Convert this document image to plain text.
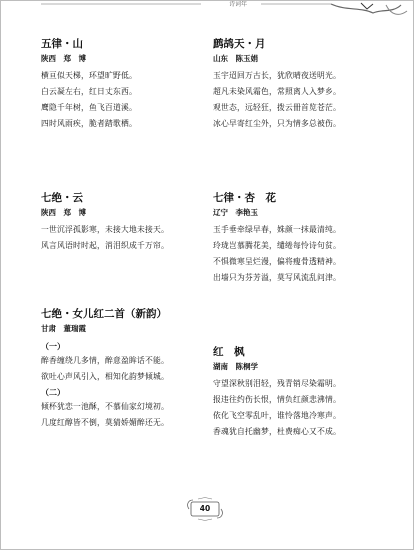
诗词年
五律・山
陕西　郑　博
横亘似天梯，环望旷野低。
白云凝左右，红日丈东西。
鹰隐千年树，鱼飞百道溪。
四时风雨疾，脆者踏歌栖。
七绝・云
陕西　郑　博
一世沉浮孤影寒，未接大地未接天。
风言风语时时起，消泪织成千万帘。
七绝・女儿红二首（新韵）
甘肃　董瑞霞
（一）
醉香缠绕几多情，醉意盈眸话不能。
欲吐心声风引入，相知化韵梦倾城。
（二）
倾杯犹恋一池酥，不慕仙家幻境初。
几度红醇皆不倒，莫猜娇媚醉还无。
鹧鸪天・月
山东　陈玉娟
玉宇迢回万古长，犹欣晴夜送明光。
超凡未染风霜色，常照离人入梦乡。
观世态，远轻狂，拨云冊首览苍茫。
冰心早寄红尘外，只为情多总被伤。
七律・杏　花
辽宁　李艳玉
玉手垂牵绿早春，姝颜一抹最清纯。
玲珑岂慕腾花美，缱绻每怜诗句贫。
不惧微寒呈烂漫，偏将瘦骨透精神。
出墙只为芬芳溢，莫写风流乱问津。
红　枫
湖南　陈桐学
守望深秋别泪轻，残青销尽染霜明。
报违往约伤长恨，情负红颜悲沸情。
依化飞空零乱叶，谁怜落地冷寒声。
香魂犹自托幽梦，杜费痴心又不成。
40
